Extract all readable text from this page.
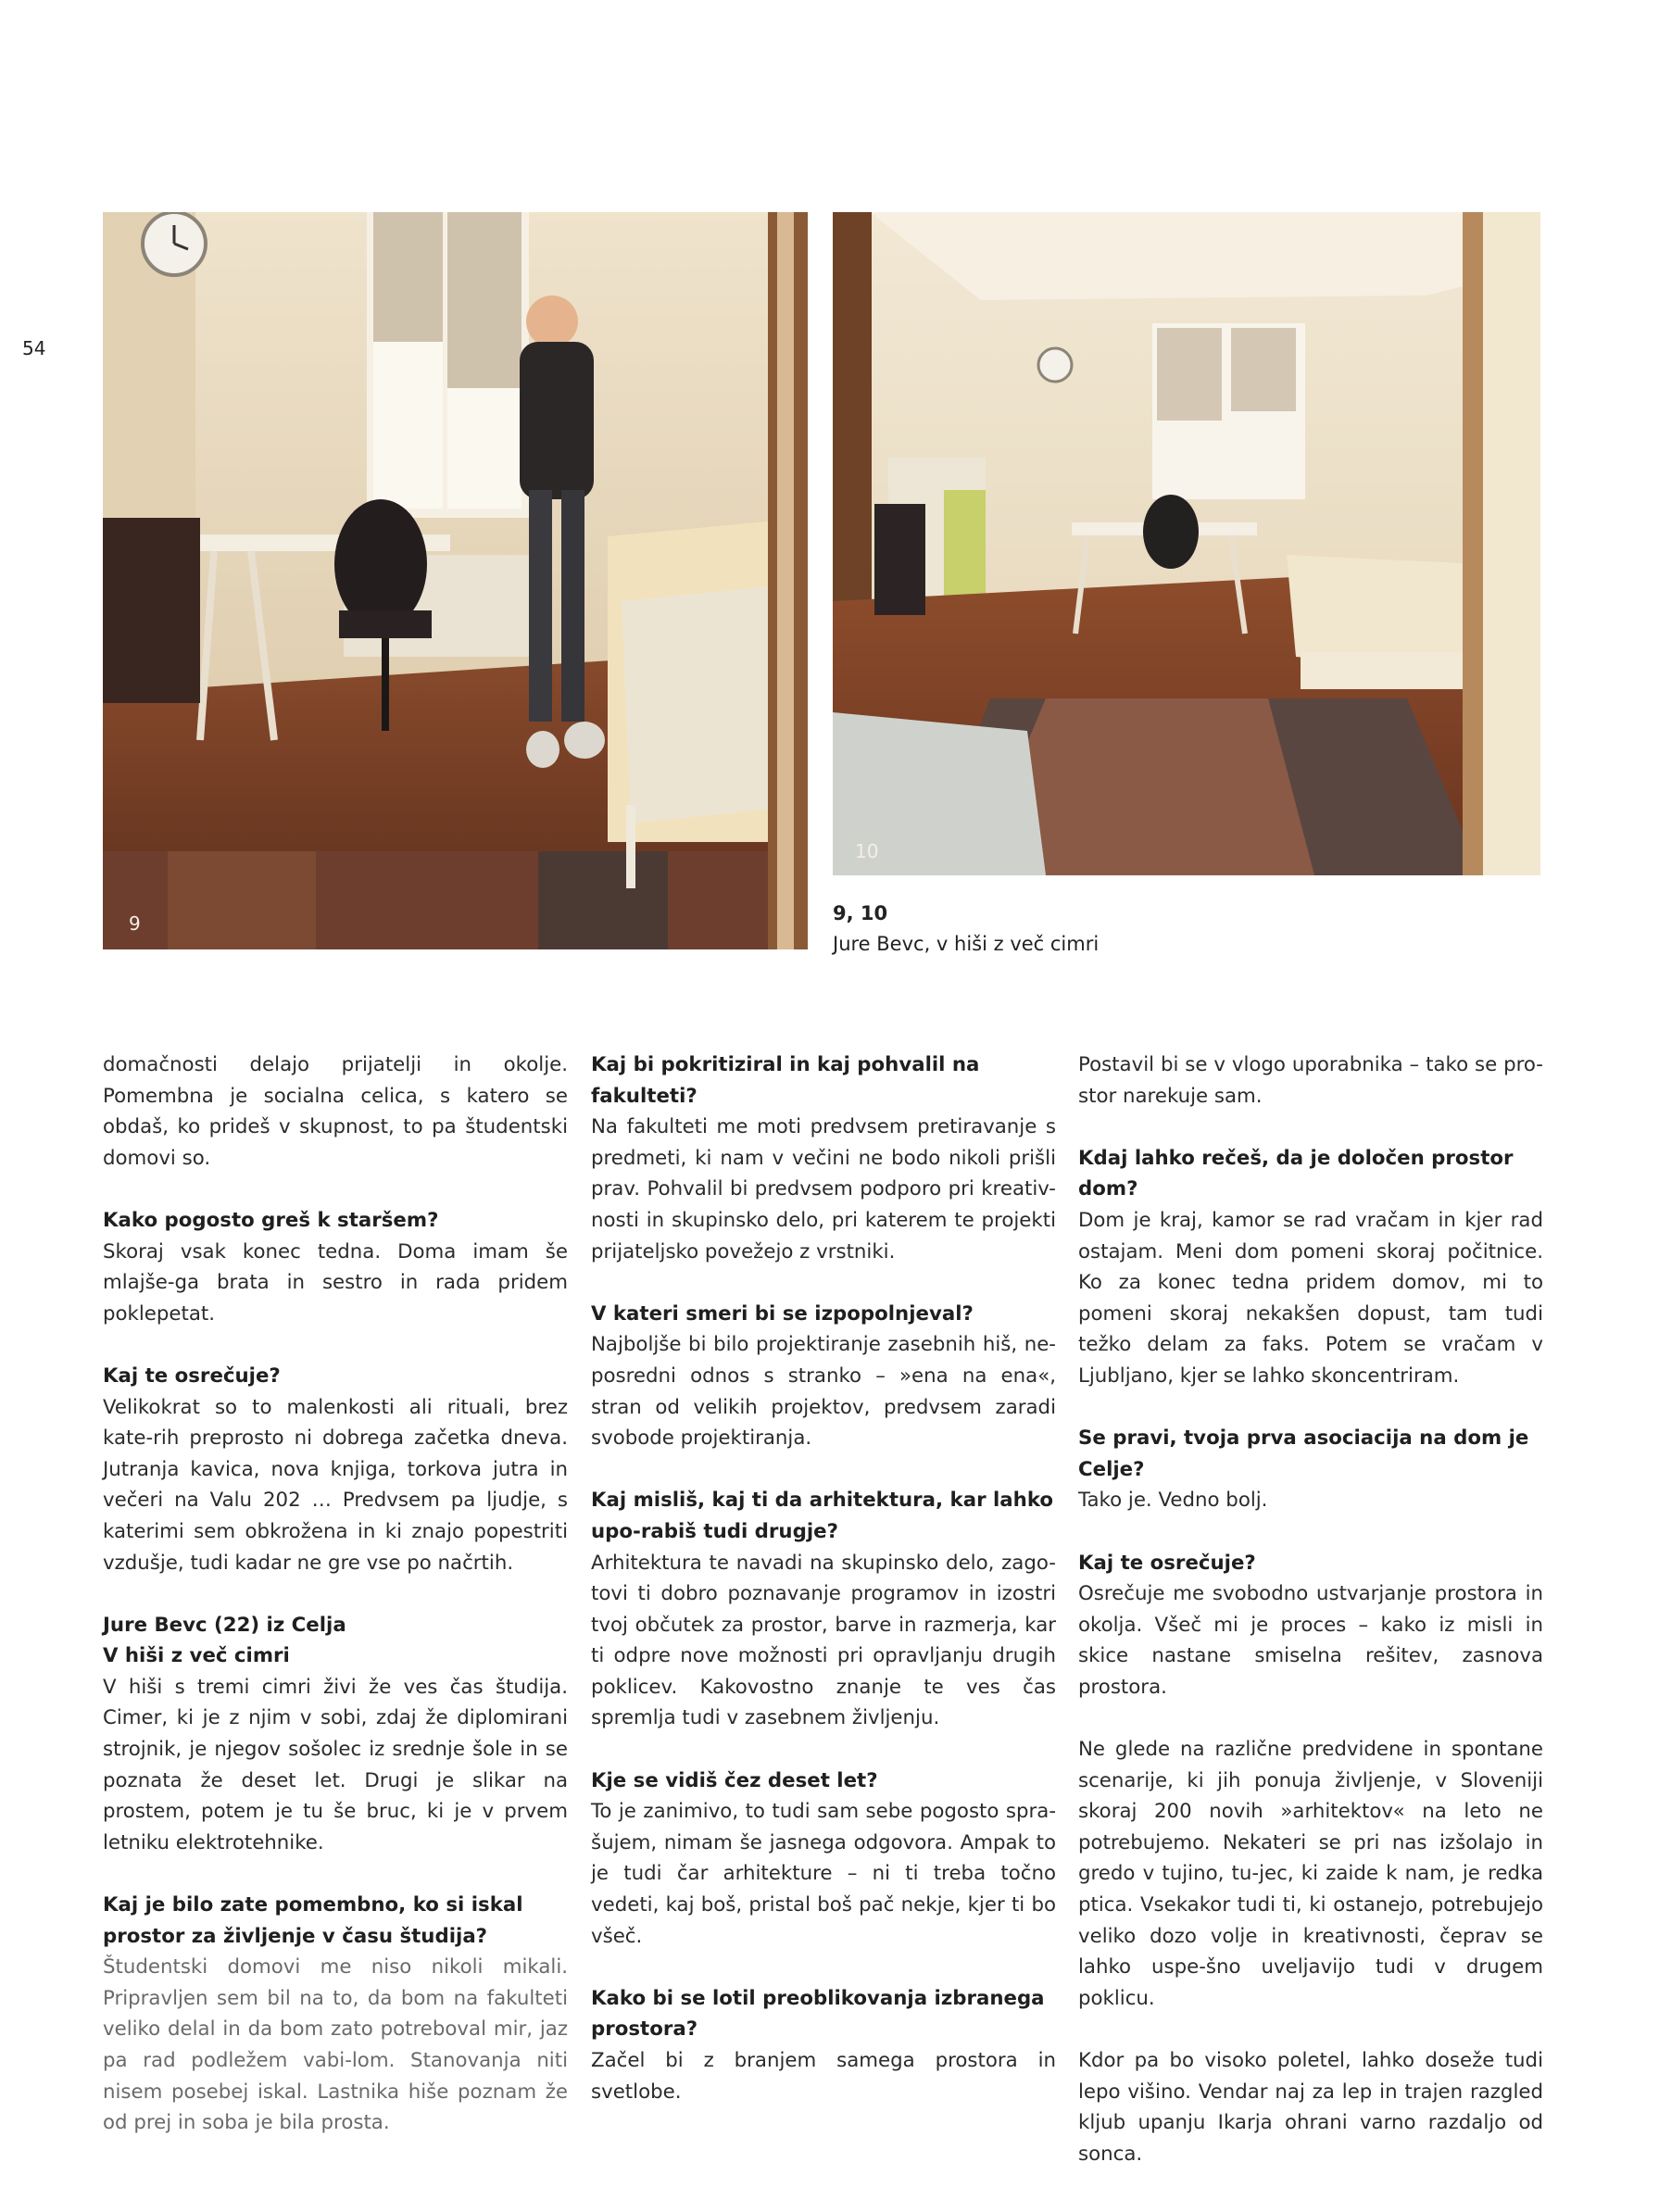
54
9
10
9, 10
Jure Bevc, v hiši z več cimri

domačnosti delajo prijatelji in okolje. Pomembna je socialna celica, s katero se obdaš, ko prideš v skupnost, to pa študentski domovi so.

Kako pogosto greš k staršem?
Skoraj vsak konec tedna. Doma imam še mlajše-ga brata in sestro in rada pridem poklepetat.

Kaj te osrečuje?
Velikokrat so to malenkosti ali rituali, brez kate-rih preprosto ni dobrega začetka dneva. Jutranja kavica, nova knjiga, torkova jutra in večeri na Valu 202 … Predvsem pa ljudje, s katerimi sem obkrožena in ki znajo popestriti vzdušje, tudi kadar ne gre vse po načrtih.

Jure Bevc (22) iz Celja
V hiši z več cimri
V hiši s tremi cimri živi že ves čas študija. Cimer, ki je z njim v sobi, zdaj že diplomirani strojnik, je njegov sošolec iz srednje šole in se poznata že deset let. Drugi je slikar na prostem, potem je tu še bruc, ki je v prvem letniku elektrotehnike.

Kaj je bilo zate pomembno, ko si iskal prostor za življenje v času študija?
Študentski domovi me niso nikoli mikali. Pripravljen sem bil na to, da bom na fakulteti veliko delal in da bom zato potreboval mir, jaz pa rad podležem vabi-lom. Stanovanja niti nisem posebej iskal. Lastnika hiše poznam že od prej in soba je bila prosta.

Kaj bi pokritiziral in kaj pohvalil na fakulteti?
Na fakulteti me moti predvsem pretiravanje s predmeti, ki nam v večini ne bodo nikoli prišli prav. Pohvalil bi predvsem podporo pri kreativ-nosti in skupinsko delo, pri katerem te projekti prijateljsko povežejo z vrstniki.

V kateri smeri bi se izpopolnjeval?
Najboljše bi bilo projektiranje zasebnih hiš, ne-posredni odnos s stranko – »ena na ena«, stran od velikih projektov, predvsem zaradi svobode projektiranja.

Kaj misliš, kaj ti da arhitektura, kar lahko upo-rabiš tudi drugje?
Arhitektura te navadi na skupinsko delo, zago-tovi ti dobro poznavanje programov in izostri tvoj občutek za prostor, barve in razmerja, kar ti odpre nove možnosti pri opravljanju drugih poklicev. Kakovostno znanje te ves čas spremlja tudi v zasebnem življenju.

Kje se vidiš čez deset let?
To je zanimivo, to tudi sam sebe pogosto spra-šujem, nimam še jasnega odgovora. Ampak to je tudi čar arhitekture – ni ti treba točno vedeti, kaj boš, pristal boš pač nekje, kjer ti bo všeč.

Kako bi se lotil preoblikovanja izbranega prostora?
Začel bi z branjem samega prostora in svetlobe.

Postavil bi se v vlogo uporabnika – tako se pro-stor narekuje sam.

Kdaj lahko rečeš, da je določen prostor dom?
Dom je kraj, kamor se rad vračam in kjer rad ostajam. Meni dom pomeni skoraj počitnice. Ko za konec tedna pridem domov, mi to pomeni skoraj nekakšen dopust, tam tudi težko delam za faks. Potem se vračam v Ljubljano, kjer se lahko skoncentriram.

Se pravi, tvoja prva asociacija na dom je Celje?
Tako je. Vedno bolj.

Kaj te osrečuje?
Osrečuje me svobodno ustvarjanje prostora in okolja. Všeč mi je proces – kako iz misli in skice nastane smiselna rešitev, zasnova prostora.

Ne glede na različne predvidene in spontane scenarije, ki jih ponuja življenje, v Sloveniji skoraj 200 novih »arhitektov« na leto ne potrebujemo. Nekateri se pri nas izšolajo in gredo v tujino, tu-jec, ki zaide k nam, je redka ptica. Vsekakor tudi ti, ki ostanejo, potrebujejo veliko dozo volje in kreativnosti, čeprav se lahko uspe-šno uveljavijo tudi v drugem poklicu.

Kdor pa bo visoko poletel, lahko doseže tudi lepo višino. Vendar naj za lep in trajen razgled kljub upanju Ikarja ohrani varno razdaljo od sonca.
